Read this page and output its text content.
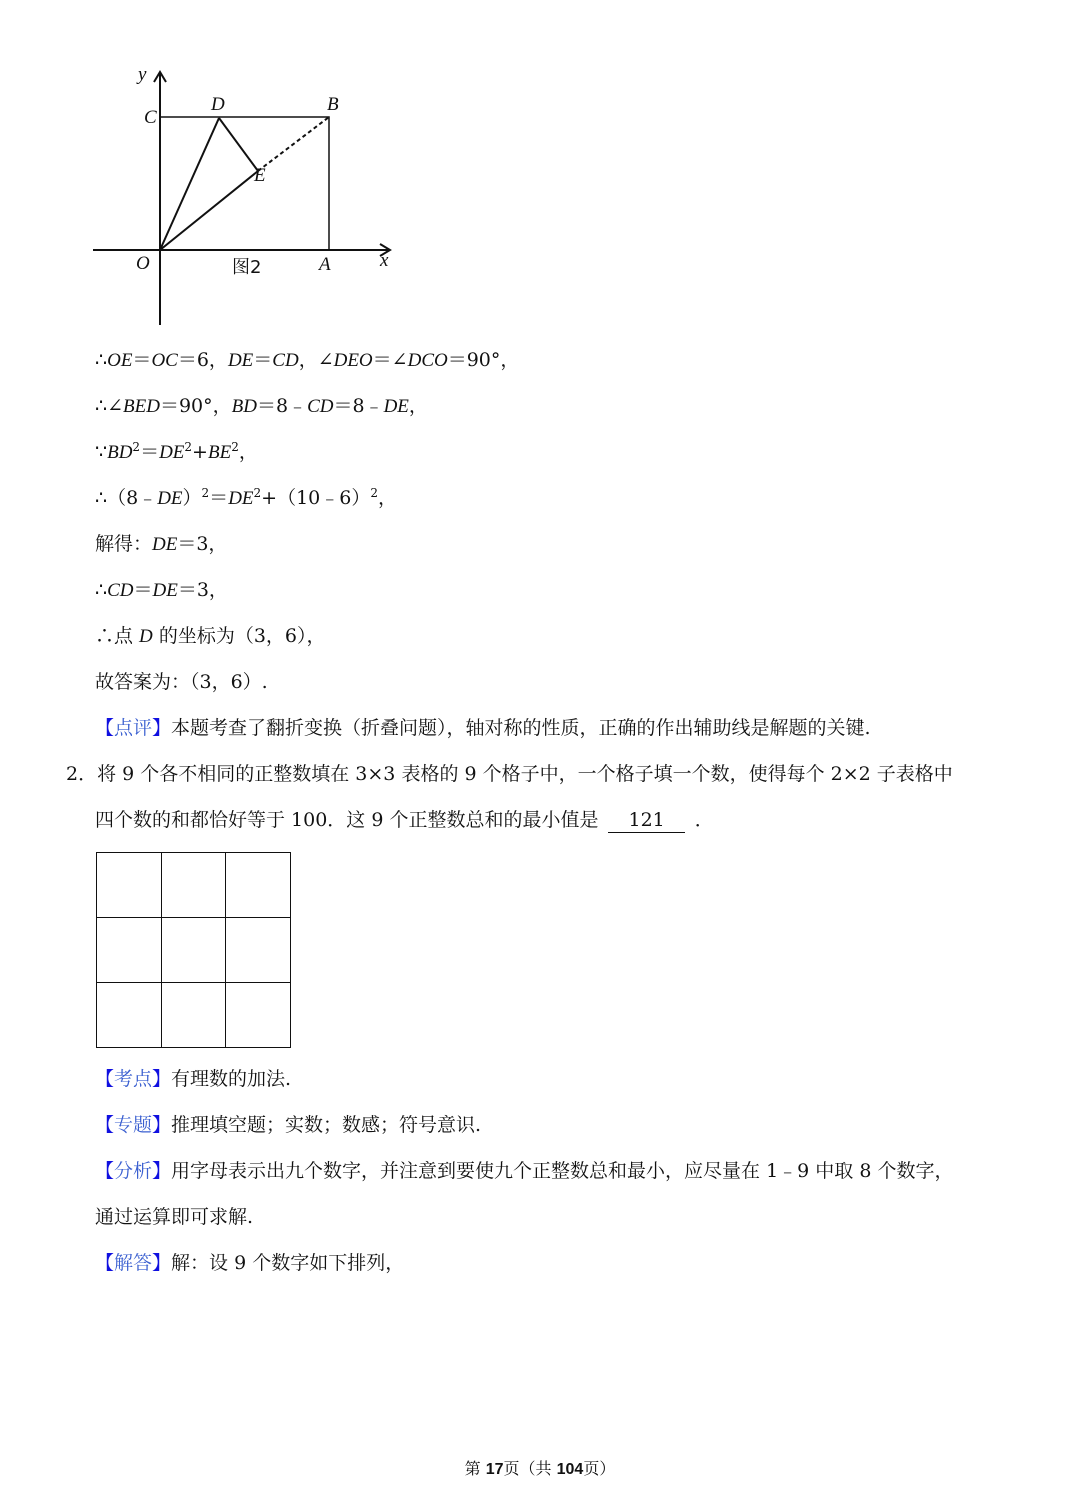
y
C
D	B
E
O	A	x
图2
∴OE＝OC＝6，DE＝CD，∠DEO＝∠DCO＝90°，
∴∠BED＝90°，BD＝8﹣CD＝8﹣DE，
$\because BD^2=DE^2+BE^2$，
$\therefore(8﹣DE)^2=DE^2+(10﹣6)^2$，
解得：DE＝3，
∴CD＝DE＝3，
∴点 D 的坐标为（3，6），
故答案为：（3，6）.
【点评】本题考查了翻折变换（折叠问题），轴对称的性质，正确的作出辅助线是解题的关键.
2．将 9 个各不相同的正整数填在 3×3 表格的 9 个格子中，一个格子填一个数，使得每个 2×2 子表格中
四个数的和都恰好等于 100．这 9 个正整数总和的最小值是 121 ．

【考点】有理数的加法.
【专题】推理填空题；实数；数感；符号意识.
【分析】用字母表示出九个数字，并注意到要使九个正整数总和最小，应尽量在 1﹣9 中取 8 个数字，
通过运算即可求解.
【解答】解：设 9 个数字如下排列，
第 17页（共 104页）
